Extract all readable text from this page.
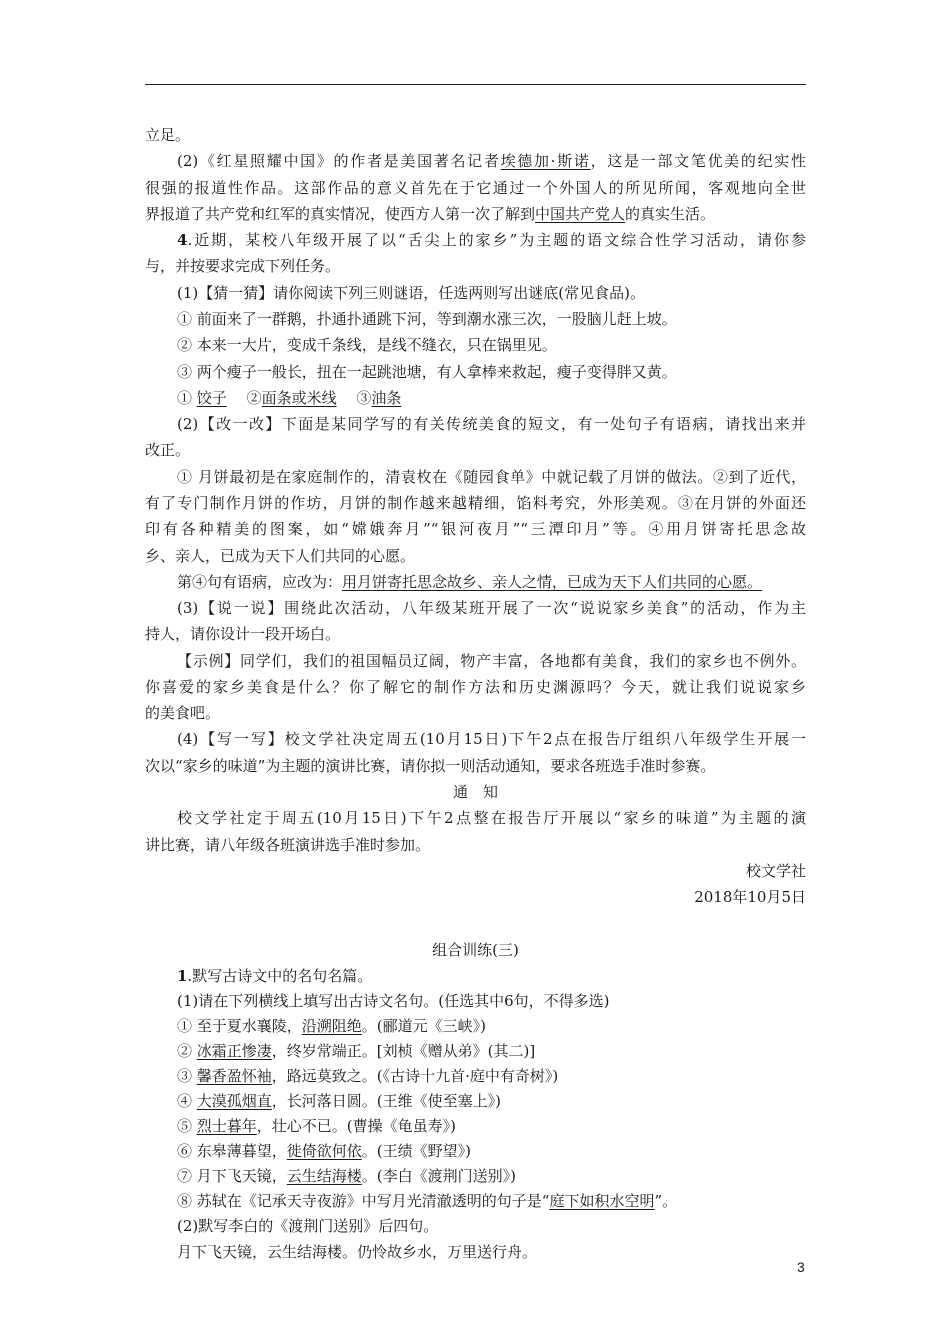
立足。
(2)《红星照耀中国》的作者是美国著名记者埃德加·斯诺，这是一部文笔优美的纪实性
很强的报道性作品。这部作品的意义首先在于它通过一个外国人的所见所闻，客观地向全世
界报道了共产党和红军的真实情况，使西方人第一次了解到中国共产党人的真实生活。
4.近期，某校八年级开展了以“舌尖上的家乡”为主题的语文综合性学习活动，请你参
与，并按要求完成下列任务。
(1)【猜一猜】请你阅读下列三则谜语，任选两则写出谜底(常见食品)。
① 前面来了一群鹅，扑通扑通跳下河，等到潮水涨三次，一股脑儿赶上坡。
② 本来一大片，变成千条线，是线不缝衣，只在锅里见。
③ 两个瘦子一般长，扭在一起跳池塘，有人拿棒来救起，瘦子变得胖又黄。
① 饺子　 ②面条或米线　 ③油条
(2)【改一改】下面是某同学写的有关传统美食的短文，有一处句子有语病，请找出来并
改正。
① 月饼最初是在家庭制作的，清袁枚在《随园食单》中就记载了月饼的做法。②到了近代，
有了专门制作月饼的作坊，月饼的制作越来越精细，馅料考究，外形美观。③在月饼的外面还
印有各种精美的图案，如“嫦娥奔月”“银河夜月”“三潭印月”等。④用月饼寄托思念故
乡、亲人，已成为天下人们共同的心愿。
第④句有语病，应改为：用月饼寄托思念故乡、亲人之情，已成为天下人们共同的心愿。
(3)【说一说】围绕此次活动，八年级某班开展了一次“说说家乡美食”的活动，作为主
持人，请你设计一段开场白。
【示例】同学们，我们的祖国幅员辽阔，物产丰富，各地都有美食，我们的家乡也不例外。
你喜爱的家乡美食是什么？你了解它的制作方法和历史渊源吗？今天，就让我们说说家乡
的美食吧。
(4)【写一写】校文学社决定周五(10月15日)下午2点在报告厅组织八年级学生开展一
次以“家乡的味道”为主题的演讲比赛，请你拟一则活动通知，要求各班选手准时参赛。
通　知
校文学社定于周五(10月15日)下午2点整在报告厅开展以“家乡的味道”为主题的演
讲比赛，请八年级各班演讲选手准时参加。
校文学社
2018年10月5日
组合训练(三)
1.默写古诗文中的名句名篇。
(1)请在下列横线上填写出古诗文名句。(任选其中6句，不得多选)
① 至于夏水襄陵，沿溯阻绝。(郦道元《三峡》)
② 冰霜正惨凄，终岁常端正。[刘桢《赠从弟》(其二)]
③ 馨香盈怀袖，路远莫致之。(《古诗十九首·庭中有奇树》)
④ 大漠孤烟直，长河落日圆。(王维《使至塞上》)
⑤ 烈士暮年，壮心不已。(曹操《龟虽寿》)
⑥ 东皋薄暮望，徙倚欲何依。(王绩《野望》)
⑦ 月下飞天镜，云生结海楼。(李白《渡荆门送别》)
⑧ 苏轼在《记承天寺夜游》中写月光清澈透明的句子是“庭下如积水空明”。
(2)默写李白的《渡荆门送别》后四句。
月下飞天镜，云生结海楼。仍怜故乡水，万里送行舟。
3
